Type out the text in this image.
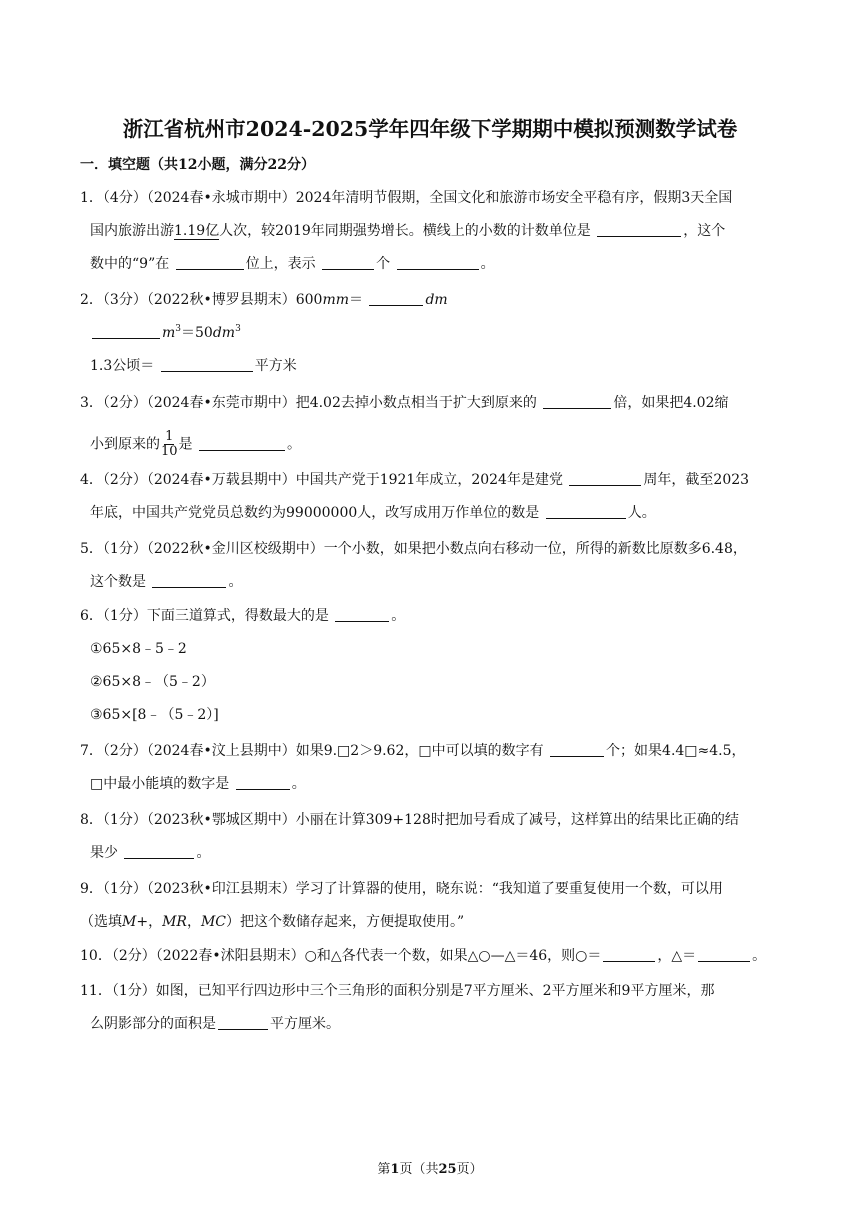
浙江省杭州市2024-2025学年四年级下学期期中模拟预测数学试卷
一．填空题（共12小题，满分22分）
1．（4分）（2024春•永城市期中）2024年清明节假期，全国文化和旅游市场安全平稳有序，假期3天全国
国内旅游出游1.19亿人次，较2019年同期强势增长。横线上的小数的计数单位是	，这个
数中的“9”在	位上，表示	个	。
2．（3分）（2022秋•博罗县期末）600mm＝	dm
$m^3=50dm^3$
1.3公顷＝	平方米
3．（2分）（2024春•东莞市期中）把4.02去掉小数点相当于扩大到原来的	倍，如果把4.02缩
小到原来的 $\frac{1}{10}$ 是	。
4．（2分）（2024春•万载县期中）中国共产党于1921年成立，2024年是建党	周年，截至2023
年底，中国共产党党员总数约为99000000人，改写成用万作单位的数是	人。
5．（1分）（2022秋•金川区校级期中）一个小数，如果把小数点向右移动一位，所得的新数比原数多6.48，
这个数是	。
6．（1分）下面三道算式，得数最大的是	。
①65×8﹣5﹣2
②65×8﹣（5﹣2）
③65×[8﹣（5﹣2）]
7．（2分）（2024春•汶上县期中）如果9.□2＞9.62，□中可以填的数字有	个；如果4.4□≈4.5，
□中最小能填的数字是	。
8．（1分）（2023秋•鄂城区期中）小丽在计算309+128时把加号看成了减号，这样算出的结果比正确的结
果少	。
9．（1分）（2023秋•印江县期末）学习了计算器的使用，晓东说：“我知道了要重复使用一个数，可以用
（选填M+，MR，MC）把这个数储存起来，方便提取使用。”
10．（2分）（2022春•沭阳县期末）○和△各代表一个数，如果△○—△＝46，则○＝	，△＝	。
11．（1分）如图，已知平行四边形中三个三角形的面积分别是7平方厘米、2平方厘米和9平方厘米，那
么阴影部分的面积是	平方厘米。
第1页（共25页）
